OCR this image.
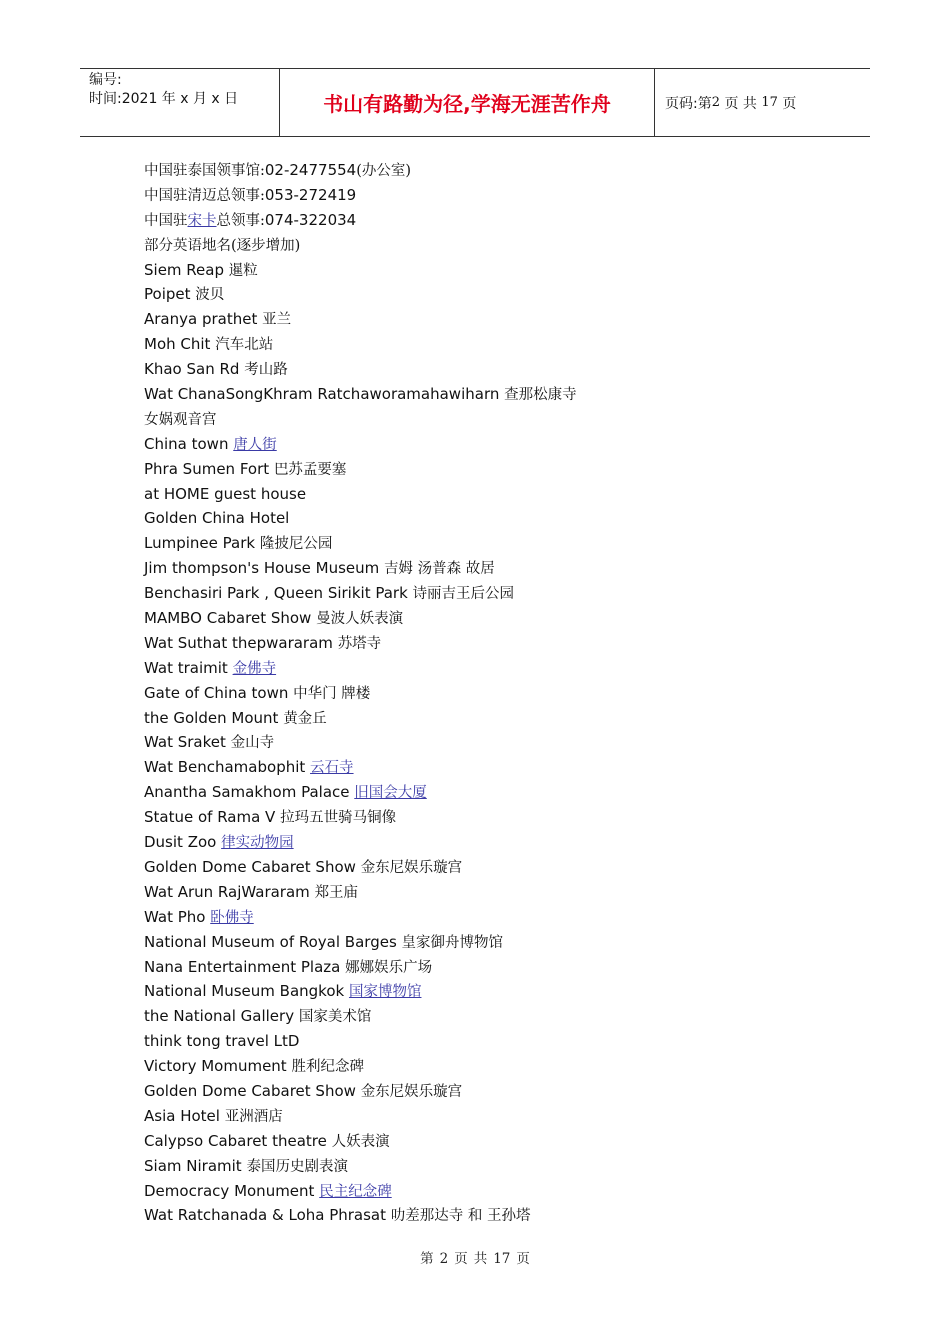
编号:
时间:2021 年 x 月 x 日	书山有路勤为径,学海无涯苦作舟	页码:第 2
页 共
17
页
中国驻泰国领事馆:02-2477554(办公室)
中国驻清迈总领事:053-272419
中国驻宋卡总领事:074-322034
部分英语地名(逐步增加)
Siem Reap 暹粒
Poipet 波贝
Aranya prathet 亚兰
Moh Chit 汽车北站
Khao San Rd 考山路
Wat ChanaSongKhram Ratchaworamahawiharn 查那松康寺
女娲观音宫
China town 唐人街
Phra Sumen Fort 巴苏孟要塞
at HOME guest house
Golden China Hotel
Lumpinee Park 隆披尼公园
Jim thompson's House Museum 吉姆 汤普森 故居
Benchasiri Park , Queen Sirikit Park 诗丽吉王后公园
MAMBO Cabaret Show 曼波人妖表演
Wat Suthat thepwararam 苏塔寺
Wat traimit 金佛寺
Gate of China town 中华门 牌楼
the Golden Mount 黄金丘
Wat Sraket 金山寺
Wat Benchamabophit 云石寺
Anantha Samakhom Palace 旧国会大厦
Statue of Rama V 拉玛五世骑马铜像
Dusit Zoo 律实动物园
Golden Dome Cabaret Show 金东尼娱乐璇宫
Wat Arun RajWararam 郑王庙
Wat Pho 卧佛寺
National Museum of Royal Barges 皇家御舟博物馆
Nana Entertainment Plaza 娜娜娱乐广场
National Museum Bangkok 国家博物馆
the National Gallery 国家美术馆
think tong travel LtD
Victory Momument 胜利纪念碑
Golden Dome Cabaret Show 金东尼娱乐璇宫
Asia Hotel 亚洲酒店
Calypso Cabaret theatre 人妖表演
Siam Niramit 泰国历史剧表演
Democracy Monument 民主纪念碑
Wat Ratchanada & Loha Phrasat 叻差那达寺 和 王孙塔
第 2 页 共 17 页
